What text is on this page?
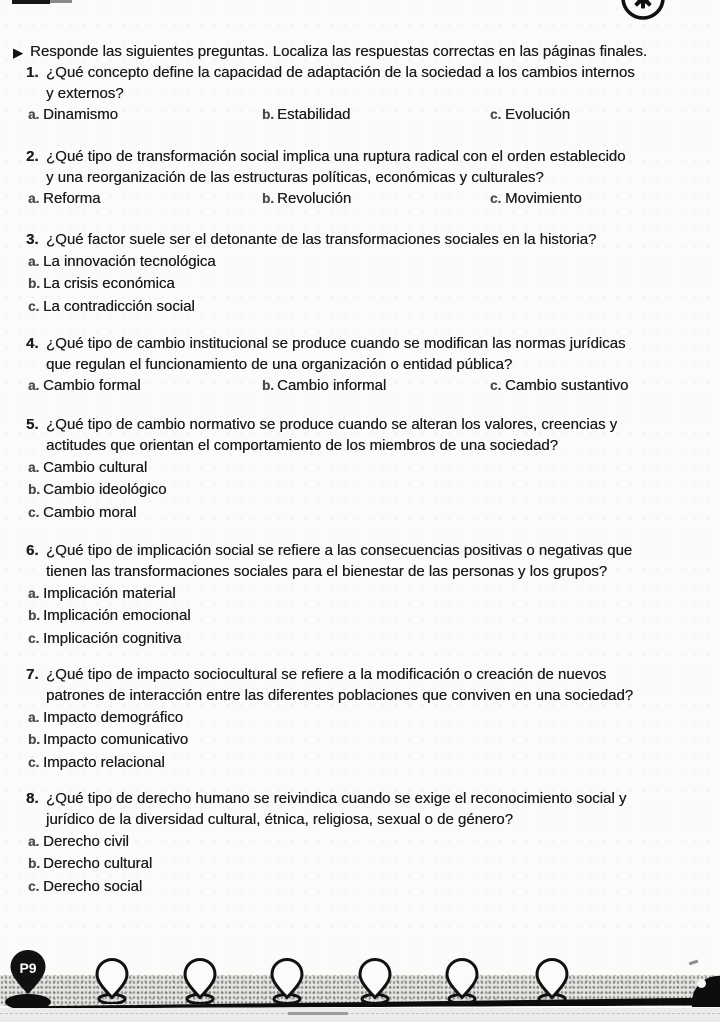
▶ Responde las siguientes preguntas. Localiza las respuestas correctas en las páginas finales.
1. ¿Qué concepto define la capacidad de adaptación de la sociedad a los cambios internos
y externos?
a. Dinamismo	b. Estabilidad	c. Evolución
2. ¿Qué tipo de transformación social implica una ruptura radical con el orden establecido
y una reorganización de las estructuras políticas, económicas y culturales?
a. Reforma	b. Revolución	c. Movimiento
3. ¿Qué factor suele ser el detonante de las transformaciones sociales en la historia?
a. La innovación tecnológica
b. La crisis económica
c. La contradicción social
4. ¿Qué tipo de cambio institucional se produce cuando se modifican las normas jurídicas
que regulan el funcionamiento de una organización o entidad pública?
a. Cambio formal	b. Cambio informal	c. Cambio sustantivo
5. ¿Qué tipo de cambio normativo se produce cuando se alteran los valores, creencias y
actitudes que orientan el comportamiento de los miembros de una sociedad?
a. Cambio cultural
b. Cambio ideológico
c. Cambio moral
6. ¿Qué tipo de implicación social se refiere a las consecuencias positivas o negativas que
tienen las transformaciones sociales para el bienestar de las personas y los grupos?
a. Implicación material
b. Implicación emocional
c. Implicación cognitiva
7. ¿Qué tipo de impacto sociocultural se refiere a la modificación o creación de nuevos
patrones de interacción entre las diferentes poblaciones que conviven en una sociedad?
a. Impacto demográfico
b. Impacto comunicativo
c. Impacto relacional
8. ¿Qué tipo de derecho humano se reivindica cuando se exige el reconocimiento social y
jurídico de la diversidad cultural, étnica, religiosa, sexual o de género?
a. Derecho civil
b. Derecho cultural
c. Derecho social
P9
